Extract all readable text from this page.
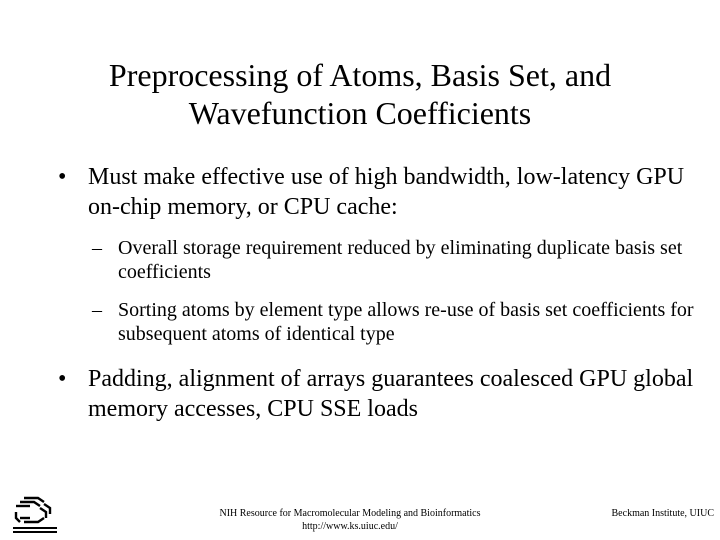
Preprocessing of Atoms, Basis Set, and
Wavefunction Coefficients
• Must make effective use of high bandwidth, low-latency GPU on-chip memory, or CPU cache:
– Overall storage requirement reduced by eliminating duplicate basis set coefficients
– Sorting atoms by element type allows re-use of basis set coefficients for subsequent atoms of identical type
• Padding, alignment of arrays guarantees coalesced GPU global memory accesses, CPU SSE loads
NIH Resource for Macromolecular Modeling and Bioinformatics
http://www.ks.uiuc.edu/
Beckman Institute, UIUC
